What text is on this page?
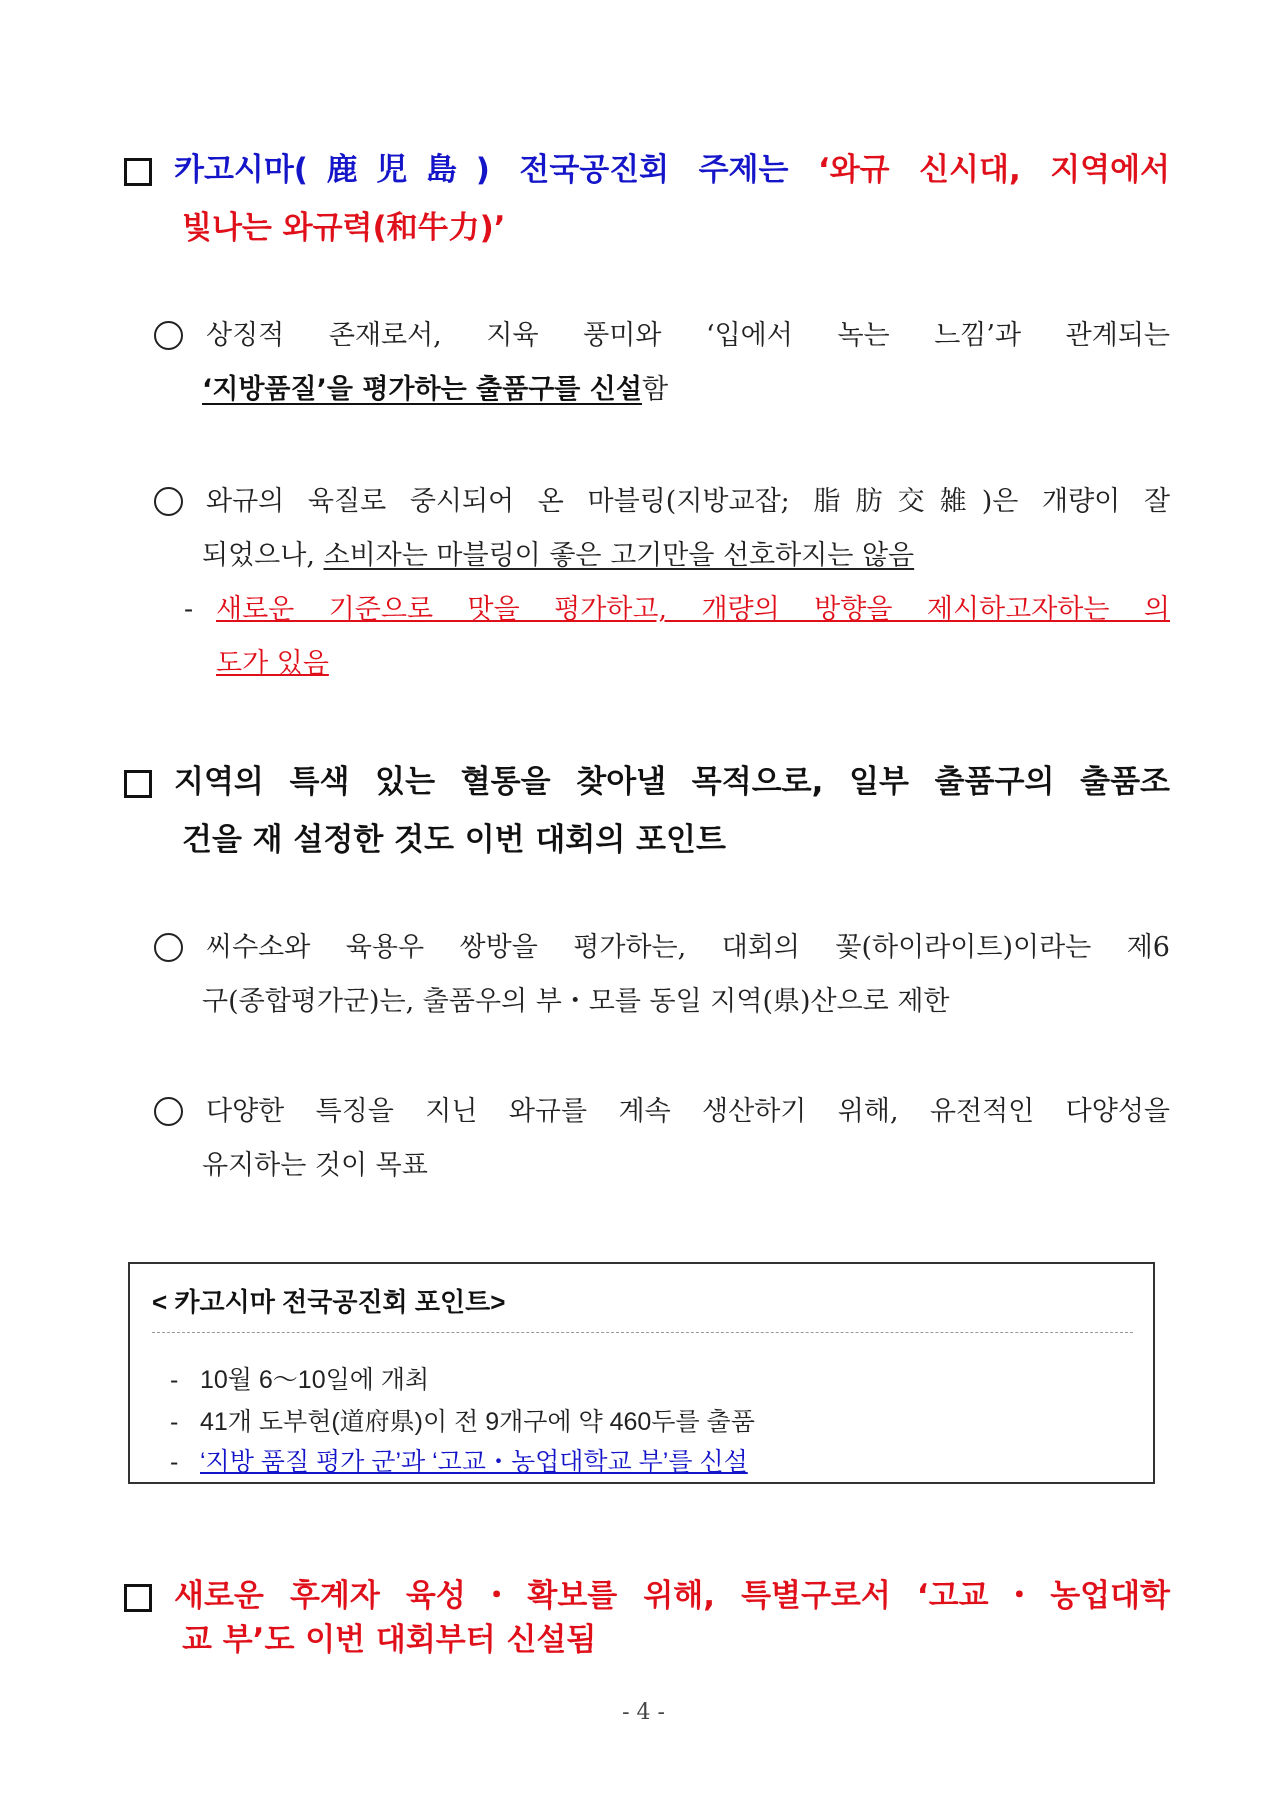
카고시마(鹿児島) 전국공진회 주제는 ‘와규 신시대, 지역에서
빛나는 와규력(和牛力)’
상징적 존재로서, 지육 풍미와 ‘입에서 녹는 느낌’과 관계되는
‘지방품질’을 평가하는 출품구를 신설함
와규의 육질로 중시되어 온 마블링(지방교잡; 脂肪交雑)은 개량이 잘
되었으나, 소비자는 마블링이 좋은 고기만을 선호하지는 않음
- 새로운 기준으로 맛을 평가하고, 개량의 방향을 제시하고자하는 의
도가 있음
지역의 특색 있는 혈통을 찾아낼 목적으로, 일부 출품구의 출품조
건을 재 설정한 것도 이번 대회의 포인트
씨수소와 육용우 쌍방을 평가하는, 대회의 꽃(하이라이트)이라는 제6
구(종합평가군)는, 출품우의 부・모를 동일 지역(県)산으로 제한
다양한 특징을 지닌 와규를 계속 생산하기 위해, 유전적인 다양성을
유지하는 것이 목표
< 카고시마 전국공진회 포인트>
- 10월 6～10일에 개최
- 41개 도부현(道府県)이 전 9개구에 약 460두를 출품
- ‘지방 품질 평가 군’과 ‘고교・농업대학교 부’를 신설
새로운 후계자 육성・확보를 위해, 특별구로서 ‘고교・농업대학
교 부’도 이번 대회부터 신설됨
- 4 -
